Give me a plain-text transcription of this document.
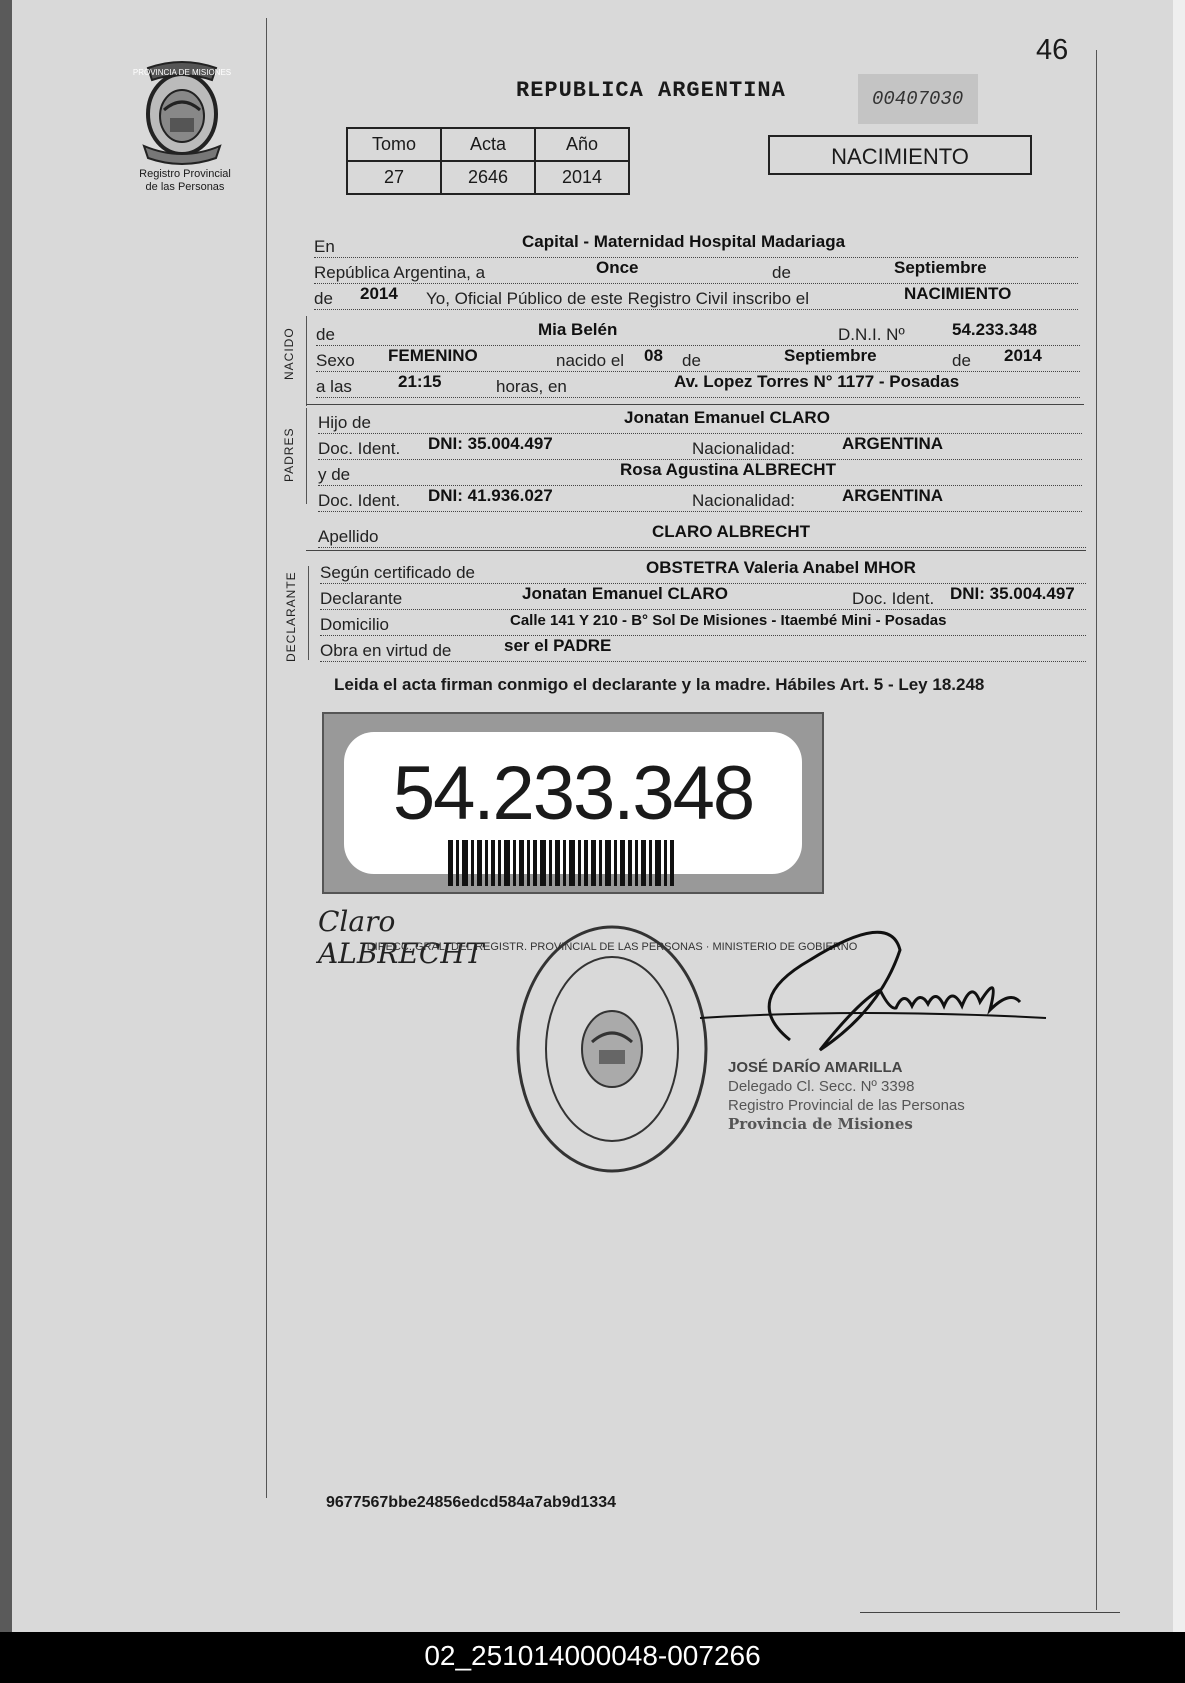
46
PROVINCIA DE MISIONES
Registro Provincial
de las Personas
REPUBLICA ARGENTINA	00407030
Tomo	Acta	Año
27	2646	2014
NACIMIENTO
En	Capital - Maternidad Hospital Madariaga
República Argentina, a	Once	de	Septiembre
de 2014 Yo, Oficial Público de este Registro Civil inscribo el	NACIMIENTO
NACIDO de	Mia Belén	D.N.I. Nº	54.233.348
Sexo FEMENINO	nacido el 08 de	Septiembre	de 2014
a las	21:15	horas, en	Av. Lopez Torres N° 1177 - Posadas
PADRES
Hijo de	Jonatan Emanuel CLARO
Doc. Ident. DNI: 35.004.497	Nacionalidad:	ARGENTINA
y de	Rosa Agustina ALBRECHT
Doc. Ident. DNI: 41.936.027	Nacionalidad:	ARGENTINA
Apellido	CLARO ALBRECHT
DECLARANTE Según certificado de	OBSTETRA Valeria Anabel MHOR
Declarante	Jonatan Emanuel CLARO	Doc. Ident. DNI: 35.004.497
Domicilio	Calle 141 Y 210 - B° Sol De Misiones - Itaembé Mini - Posadas
Obra en virtud de	ser el PADRE
Leida el acta firman conmigo el declarante y la madre. Hábiles Art. 5 - Ley 18.248
54.233.348
Claro ALBRECHT
DIRECC. GRAL. DEL REGISTR. PROVINCIAL DE LAS PERSONAS · MINISTERIO DE GOBIERNO
JOSÉ DARÍO AMARILLA
Delegado Cl. Secc. Nº 3398
Registro Provincial de las Personas
Provincia de Misiones
9677567bbe24856edcd584a7ab9d1334
02_251014000048-007266
